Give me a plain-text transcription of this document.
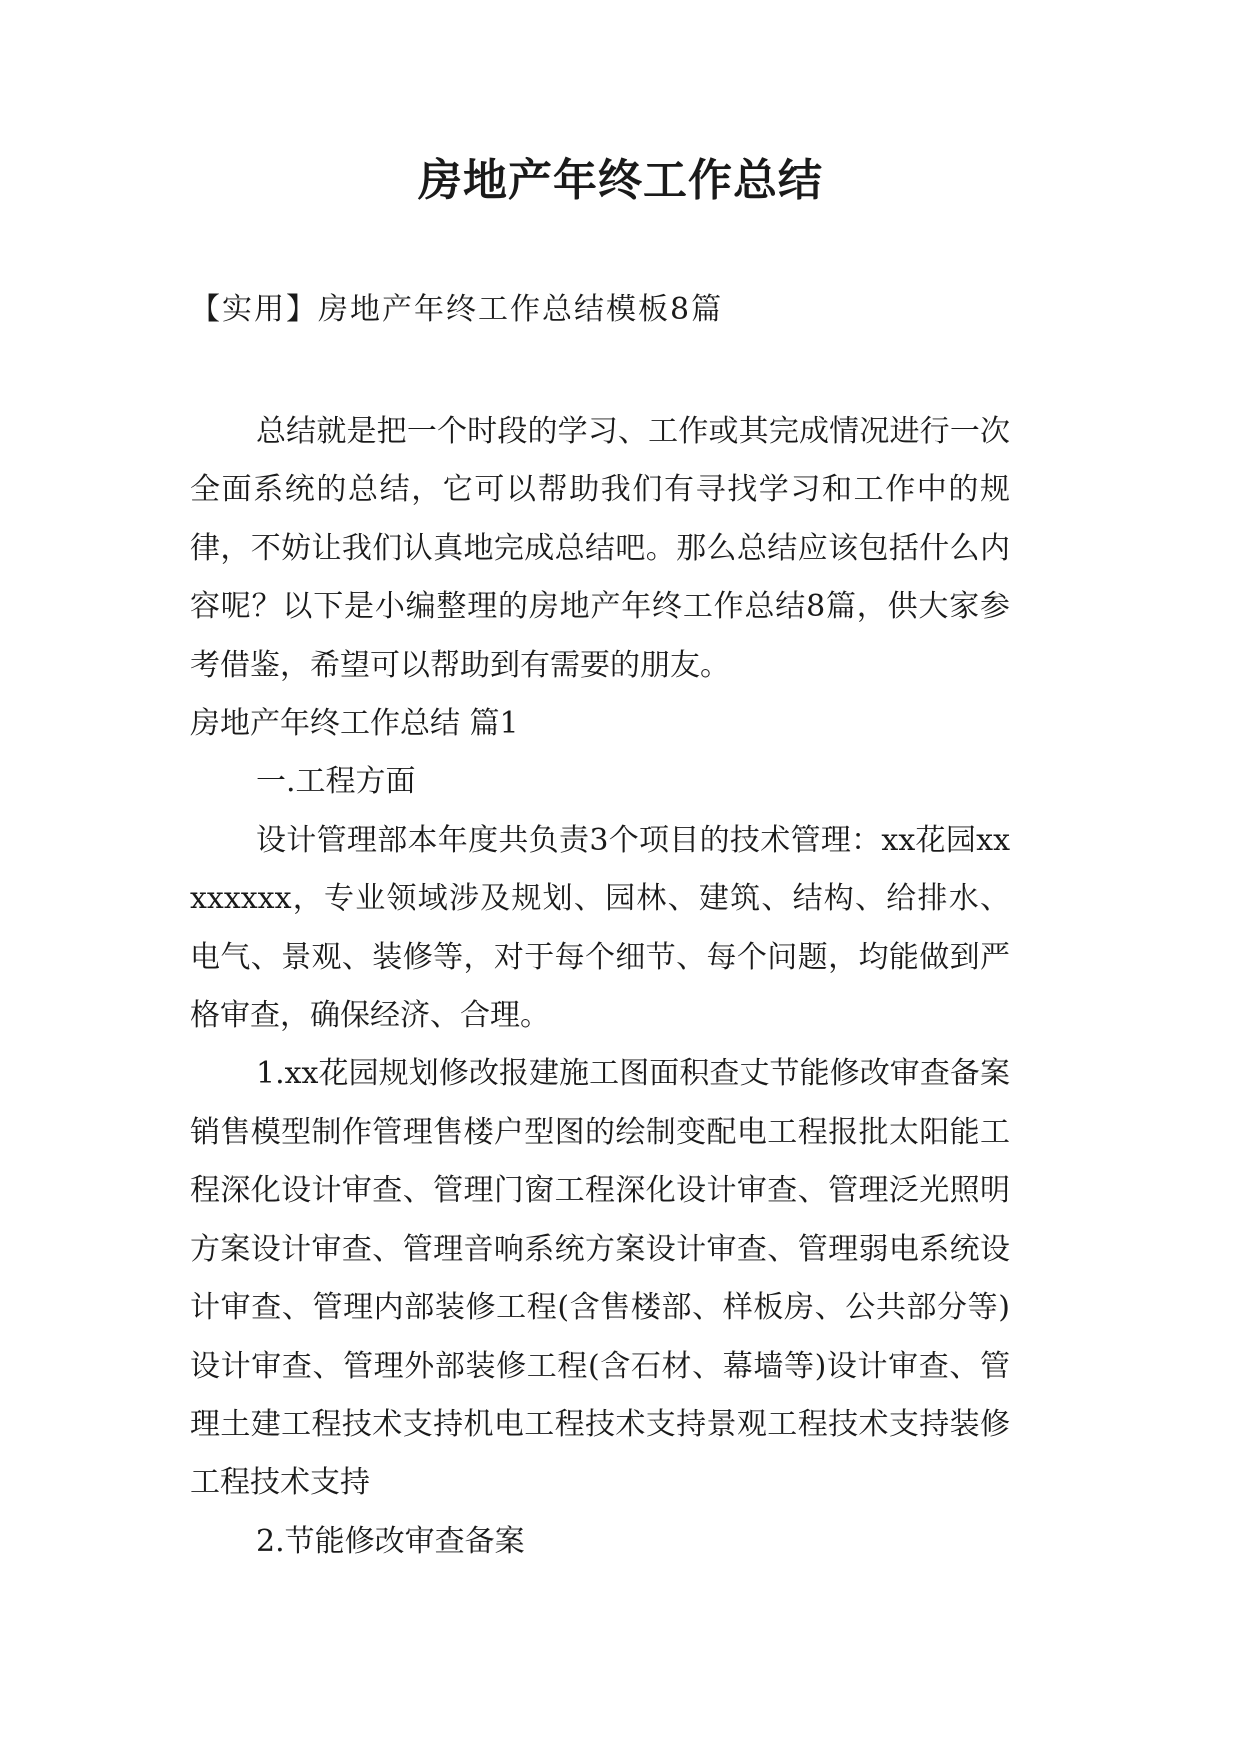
房地产年终工作总结

【实用】房地产年终工作总结模板8篇

总结就是把一个时段的学习、工作或其完成情况进行一次全面系统的总结，它可以帮助我们有寻找学习和工作中的规律，不妨让我们认真地完成总结吧。那么总结应该包括什么内容呢？以下是小编整理的房地产年终工作总结8篇，供大家参考借鉴，希望可以帮助到有需要的朋友。

房地产年终工作总结 篇1

一.工程方面

设计管理部本年度共负责3个项目的技术管理：xx花园xxxxxxxx，专业领域涉及规划、园林、建筑、结构、给排水、电气、景观、装修等，对于每个细节、每个问题，均能做到严格审查，确保经济、合理。

1.xx花园规划修改报建施工图面积查丈节能修改审查备案销售模型制作管理售楼户型图的绘制变配电工程报批太阳能工程深化设计审查、管理门窗工程深化设计审查、管理泛光照明方案设计审查、管理音响系统方案设计审查、管理弱电系统设计审查、管理内部装修工程(含售楼部、样板房、公共部分等)设计审查、管理外部装修工程(含石材、幕墙等)设计审查、管理土建工程技术支持机电工程技术支持景观工程技术支持装修工程技术支持

2.节能修改审查备案
